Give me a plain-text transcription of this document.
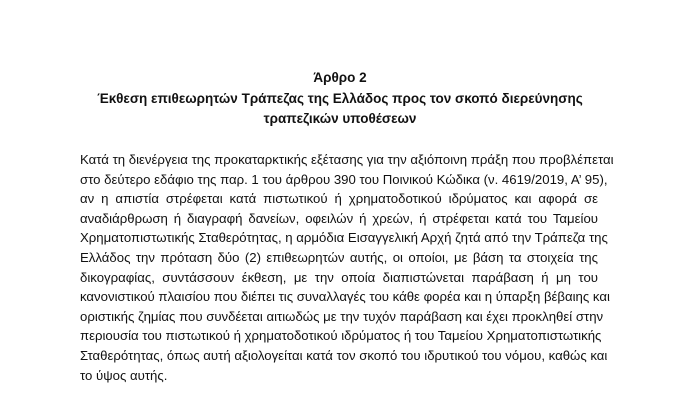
Άρθρο 2
Έκθεση επιθεωρητών Τράπεζας της Ελλάδος προς τον σκοπό διερεύνησης τραπεζικών υποθέσεων
Κατά τη διενέργεια της προκαταρκτικής εξέτασης για την αξιόποινη πράξη που προβλέπεται
στο δεύτερο εδάφιο της παρ. 1 του άρθρου 390 του Ποινικού Κώδικα (ν. 4619/2019, Α’ 95),
αν η απιστία στρέφεται κατά πιστωτικού ή χρηματοδοτικού ιδρύματος και αφορά σε
αναδιάρθρωση ή διαγραφή δανείων, οφειλών ή χρεών, ή στρέφεται κατά του Ταμείου
Χρηματοπιστωτικής Σταθερότητας, η αρμόδια Εισαγγελική Αρχή ζητά από την Τράπεζα της
Ελλάδος την πρόταση δύο (2) επιθεωρητών αυτής, οι οποίοι, με βάση τα στοιχεία της
δικογραφίας, συντάσσουν έκθεση, με την οποία διαπιστώνεται παράβαση ή μη του
κανονιστικού πλαισίου που διέπει τις συναλλαγές του κάθε φορέα και η ύπαρξη βέβαιης και
οριστικής ζημίας που συνδέεται αιτιωδώς με την τυχόν παράβαση και έχει προκληθεί στην
περιουσία του πιστωτικού ή χρηματοδοτικού ιδρύματος ή του Ταμείου Χρηματοπιστωτικής
Σταθερότητας, όπως αυτή αξιολογείται κατά τον σκοπό του ιδρυτικού του νόμου, καθώς και
το ύψος αυτής.
